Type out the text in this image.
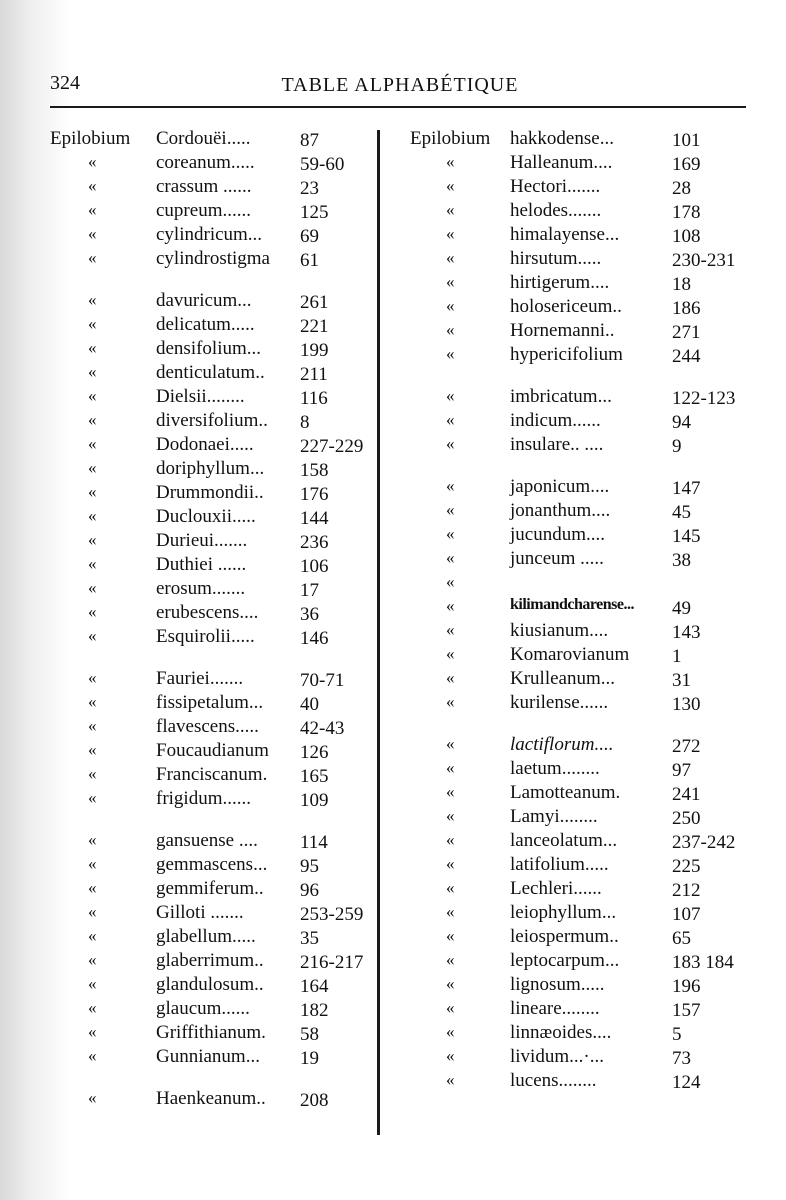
324	TABLE ALPHABÉTIQUE
Epilobium Cordouëi.....	87
«	coreanum..... 59-60
«	crassum ......	23
«	cupreum......	125
«	cylindricum... 69
«	cylindrostigma 61
«	davuricum...	261
«	delicatum..... 221
«	densifolium... 199
«	denticulatum.. 211
«	Dielsii........	116
«	diversifolium.. 8
«	Dodonaei..... 227-229
«	doriphyllum... 158
«	Drummondii.. 176
«	Duclouxii..... 144
«	Durieui.......	236
«	Duthiei ......	106
«	erosum.......	17
«	erubescens.... 36
«	Esquirolii..... 146
«	Fauriei.......	70-71
«	fissipetalum... 40
«	flavescens..... 42-43
«	Foucaudianum 126
«	Franciscanum. 165
«	frigidum......	109
«	gansuense .... 114
«	gemmascens... 95
«	gemmiferum.. 96
«	Gilloti .......	253-259
«	glabellum..... 35
«	glaberrimum.. 216-217
«	glandulosum.. 164
«	glaucum......	182
«	Griffithianum. 58
«	Gunnianum... 19
«	Haenkeanum.. 208
Epilobium hakkodense...	101
«	Halleanum....	169
«	Hectori.......	28
«	helodes.......	178
«	himalayense...	108
«	hirsutum.....	230-231
«	hirtigerum....	18
«	holosericeum..	186
«	Hornemanni..	271
«	hypericifolium	244
«	imbricatum...	122-123
«	indicum......	94
«	insulare.. ....	9
«	japonicum....	147
«	jonanthum....	45
«	jucundum....	145
«	junceum .....	38
«
«	kilimandcharense... 49
«	kiusianum....	143
«	Komarovianum 1
«	Krulleanum...	31
«	kurilense......	130
«	lactiflorum....	272
«	laetum........	97
«	Lamotteanum.	241
«	Lamyi........	250
«	lanceolatum...	237-242
«	latifolium.....	225
«	Lechleri......	212
«	leiophyllum...	107
«	leiospermum..	65
«	leptocarpum...	183 184
«	lignosum.....	196
«	lineare........	157
«	linnæoides....	5
«	lividum...·...	73
«	lucens........	124
